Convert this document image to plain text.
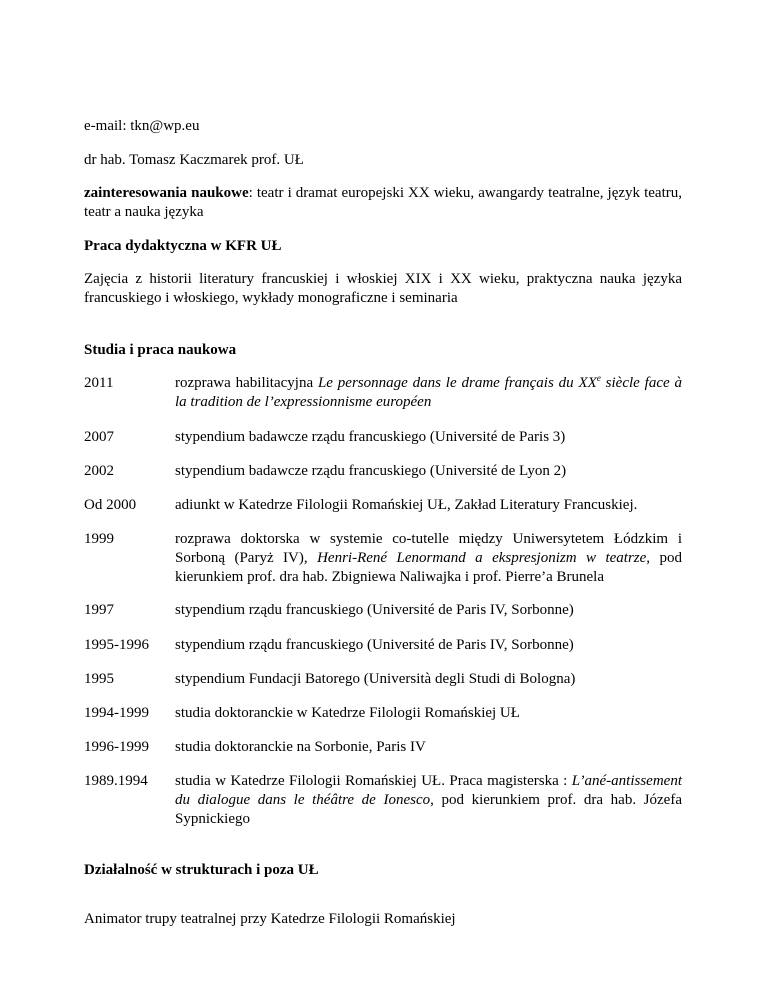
e-mail: tkn@wp.eu

dr hab. Tomasz Kaczmarek prof. UŁ

zainteresowania naukowe: teatr i dramat europejski XX wieku, awangardy teatralne, język teatru, teatr a nauka języka

Praca dydaktyczna w KFR UŁ

Zajęcia z historii literatury francuskiej i włoskiej XIX i XX wieku, praktyczna nauka języka francuskiego i włoskiego, wykłady monograficzne i seminaria

Studia i praca naukowa

2011	rozprawa habilitacyjna Le personnage dans le drame français du XXe siècle face à la tradition de l’expressionnisme européen
2007	stypendium badawcze rządu francuskiego (Université de Paris 3)
2002	stypendium badawcze rządu francuskiego (Université de Lyon 2)
Od 2000	adiunkt w Katedrze Filologii Romańskiej UŁ, Zakład Literatury Francuskiej.
1999	rozprawa doktorska w systemie co-tutelle między Uniwersytetem Łódzkim i Sorboną (Paryż IV), Henri-René Lenormand a ekspresjonizm w teatrze, pod kierunkiem prof. dra hab. Zbigniewa Naliwajka i prof. Pierre’a Brunela
1997	stypendium rządu francuskiego (Université de Paris IV, Sorbonne)
1995-1996	stypendium rządu francuskiego (Université de Paris IV, Sorbonne)
1995	stypendium Fundacji Batorego (Università degli Studi di Bologna)
1994-1999	studia doktoranckie w Katedrze Filologii Romańskiej UŁ
1996-1999	studia doktoranckie na Sorbonie, Paris IV
1989.1994	studia w Katedrze Filologii Romańskiej UŁ. Praca magisterska : L’ané-antissement du dialogue dans le théâtre de Ionesco, pod kierunkiem prof. dra hab. Józefa Sypnickiego

Działalność w strukturach i poza UŁ

Animator trupy teatralnej przy Katedrze Filologii Romańskiej
